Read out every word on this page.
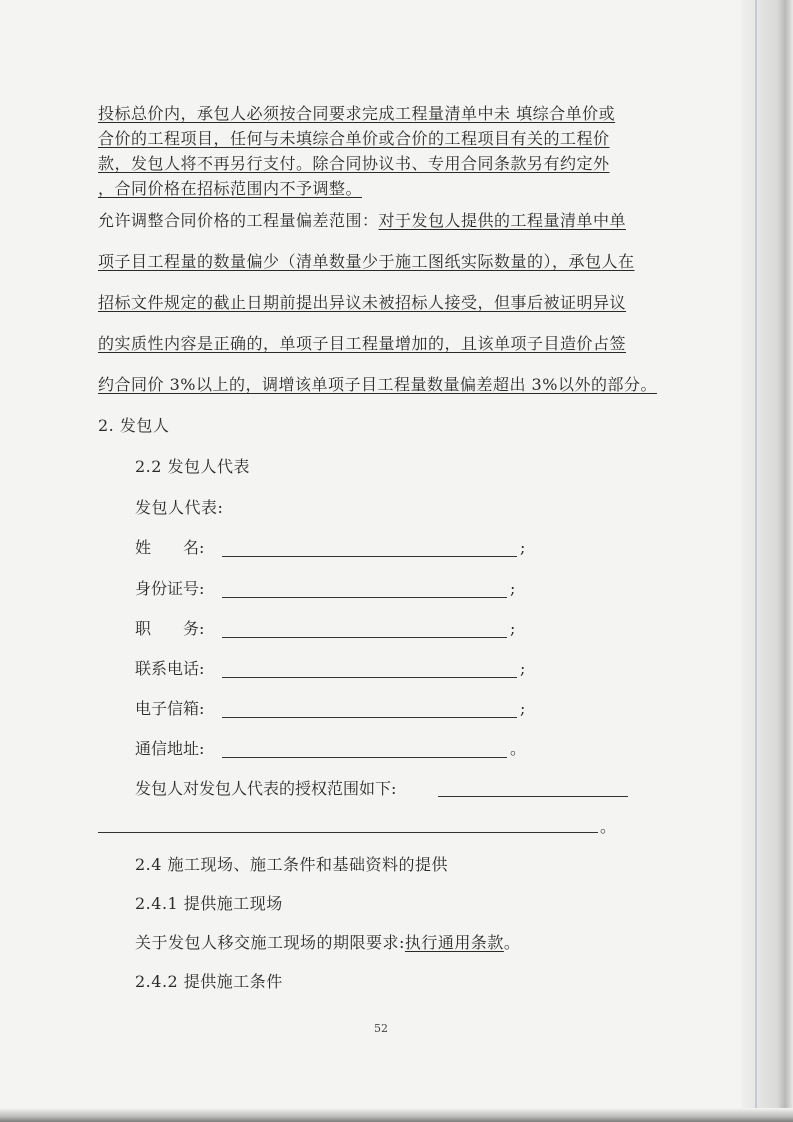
投标总价内，承包人必须按合同要求完成工程量清单中未 填综合单价或
合价的工程项目，任何与未填综合单价或合价的工程项目有关的工程价
款，发包人将不再另行支付。除合同协议书、专用合同条款另有约定外
，合同价格在招标范围内不予调整。
允许调整合同价格的工程量偏差范围：对于发包人提供的工程量清单中单
项子目工程量的数量偏少（清单数量少于施工图纸实际数量的），承包人在
招标文件规定的截止日期前提出异议未被招标人接受，但事后被证明异议
的实质性内容是正确的，单项子目工程量增加的，且该单项子目造价占签
约合同价 3%以上的，调增该单项子目工程量数量偏差超出 3%以外的部分。
2. 发包人
2.2 发包人代表
发包人代表:
姓　　名:	;
身份证号:	;
职　　务:	;
联系电话:	;
电子信箱:	;
通信地址:	。
发包人对发包人代表的授权范围如下:
。
2.4 施工现场、施工条件和基础资料的提供
2.4.1 提供施工现场
关于发包人移交施工现场的期限要求:执行通用条款。
2.4.2 提供施工条件
52
